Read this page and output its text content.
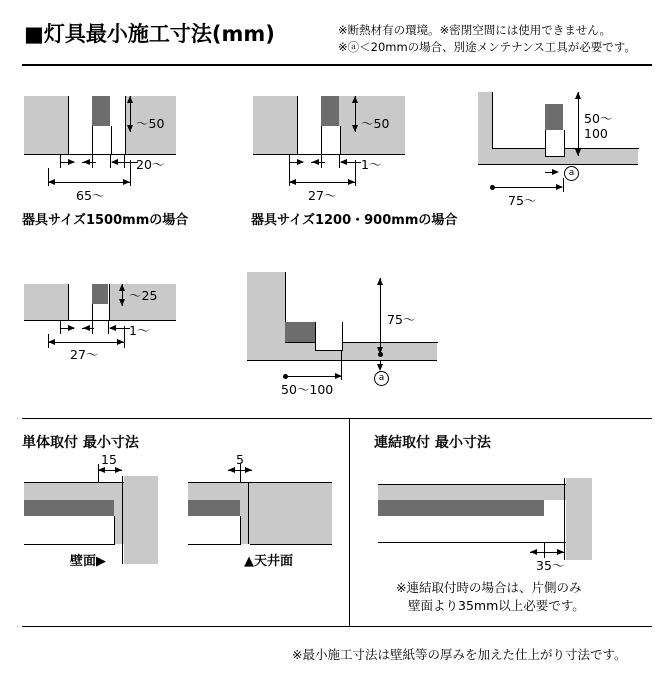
■灯具最小施工寸法(mm)	※断熱材有の環境。※密閉空間には使用できません。
※ⓐ＜20mmの場合、別途メンテナンス工具が必要です。
～50
20～
65～
器具サイズ1500mmの場合
～50
1～
27～
器具サイズ1200・900mmの場合
50～
100
a
75～
～25
1～
27～
75～
a
50～100
単体取付 最小寸法
15
壁面▶
5
▲天井面
連結取付 最小寸法
35～
※連結取付時の場合は、片側のみ
壁面より35mm以上必要です。
※最小施工寸法は壁紙等の厚みを加えた仕上がり寸法です。
